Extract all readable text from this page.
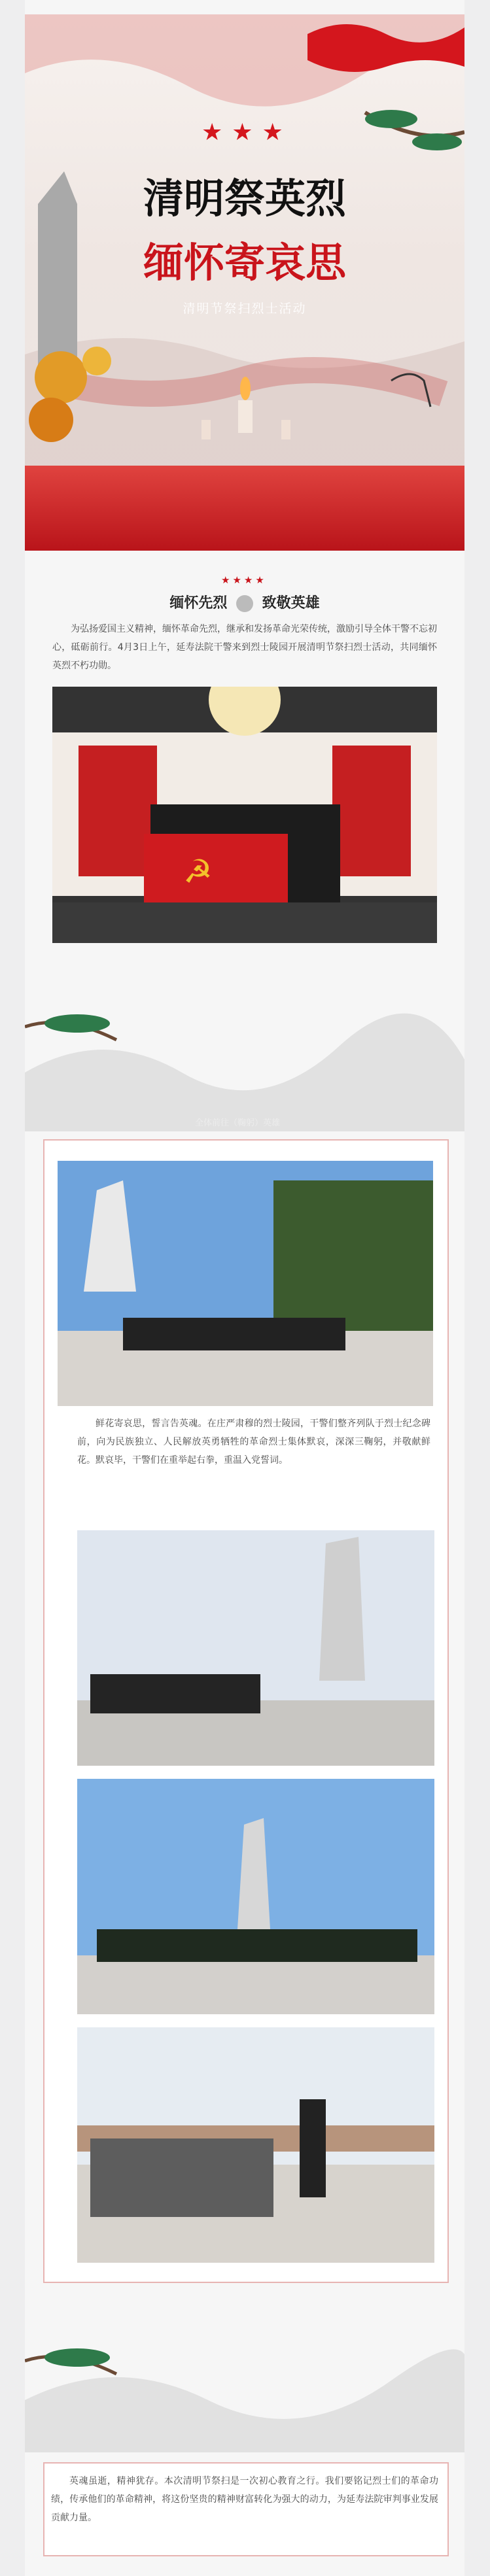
★★★
清明祭英烈
缅怀寄哀思
清明节祭扫烈士活动
★★★★
缅怀先烈 致敬英雄
为弘扬爱国主义精神，缅怀革命先烈，继承和发扬革命光荣传统，激励引导全体干警不忘初心，砥砺前行。4月3日上午，延寿法院干警来到烈士陵园开展清明节祭扫烈士活动，共同缅怀英烈不朽功勋。
☭
全体前往（鞠躬）英雄
鲜花寄哀思，誓言告英魂。在庄严肃穆的烈士陵园，干警们整齐列队于烈士纪念碑前，向为民族独立、人民解放英勇牺牲的革命烈士集体默哀，深深三鞠躬，并敬献鲜花。默哀毕，干警们在重举起右拳，重温入党誓词。
英魂虽逝，精神犹存。本次清明节祭扫是一次初心教育之行。我们要铭记烈士们的革命功绩，传承他们的革命精神，将这份坚贵的精神财富转化为强大的动力，为延寿法院审判事业发展贡献力量。
